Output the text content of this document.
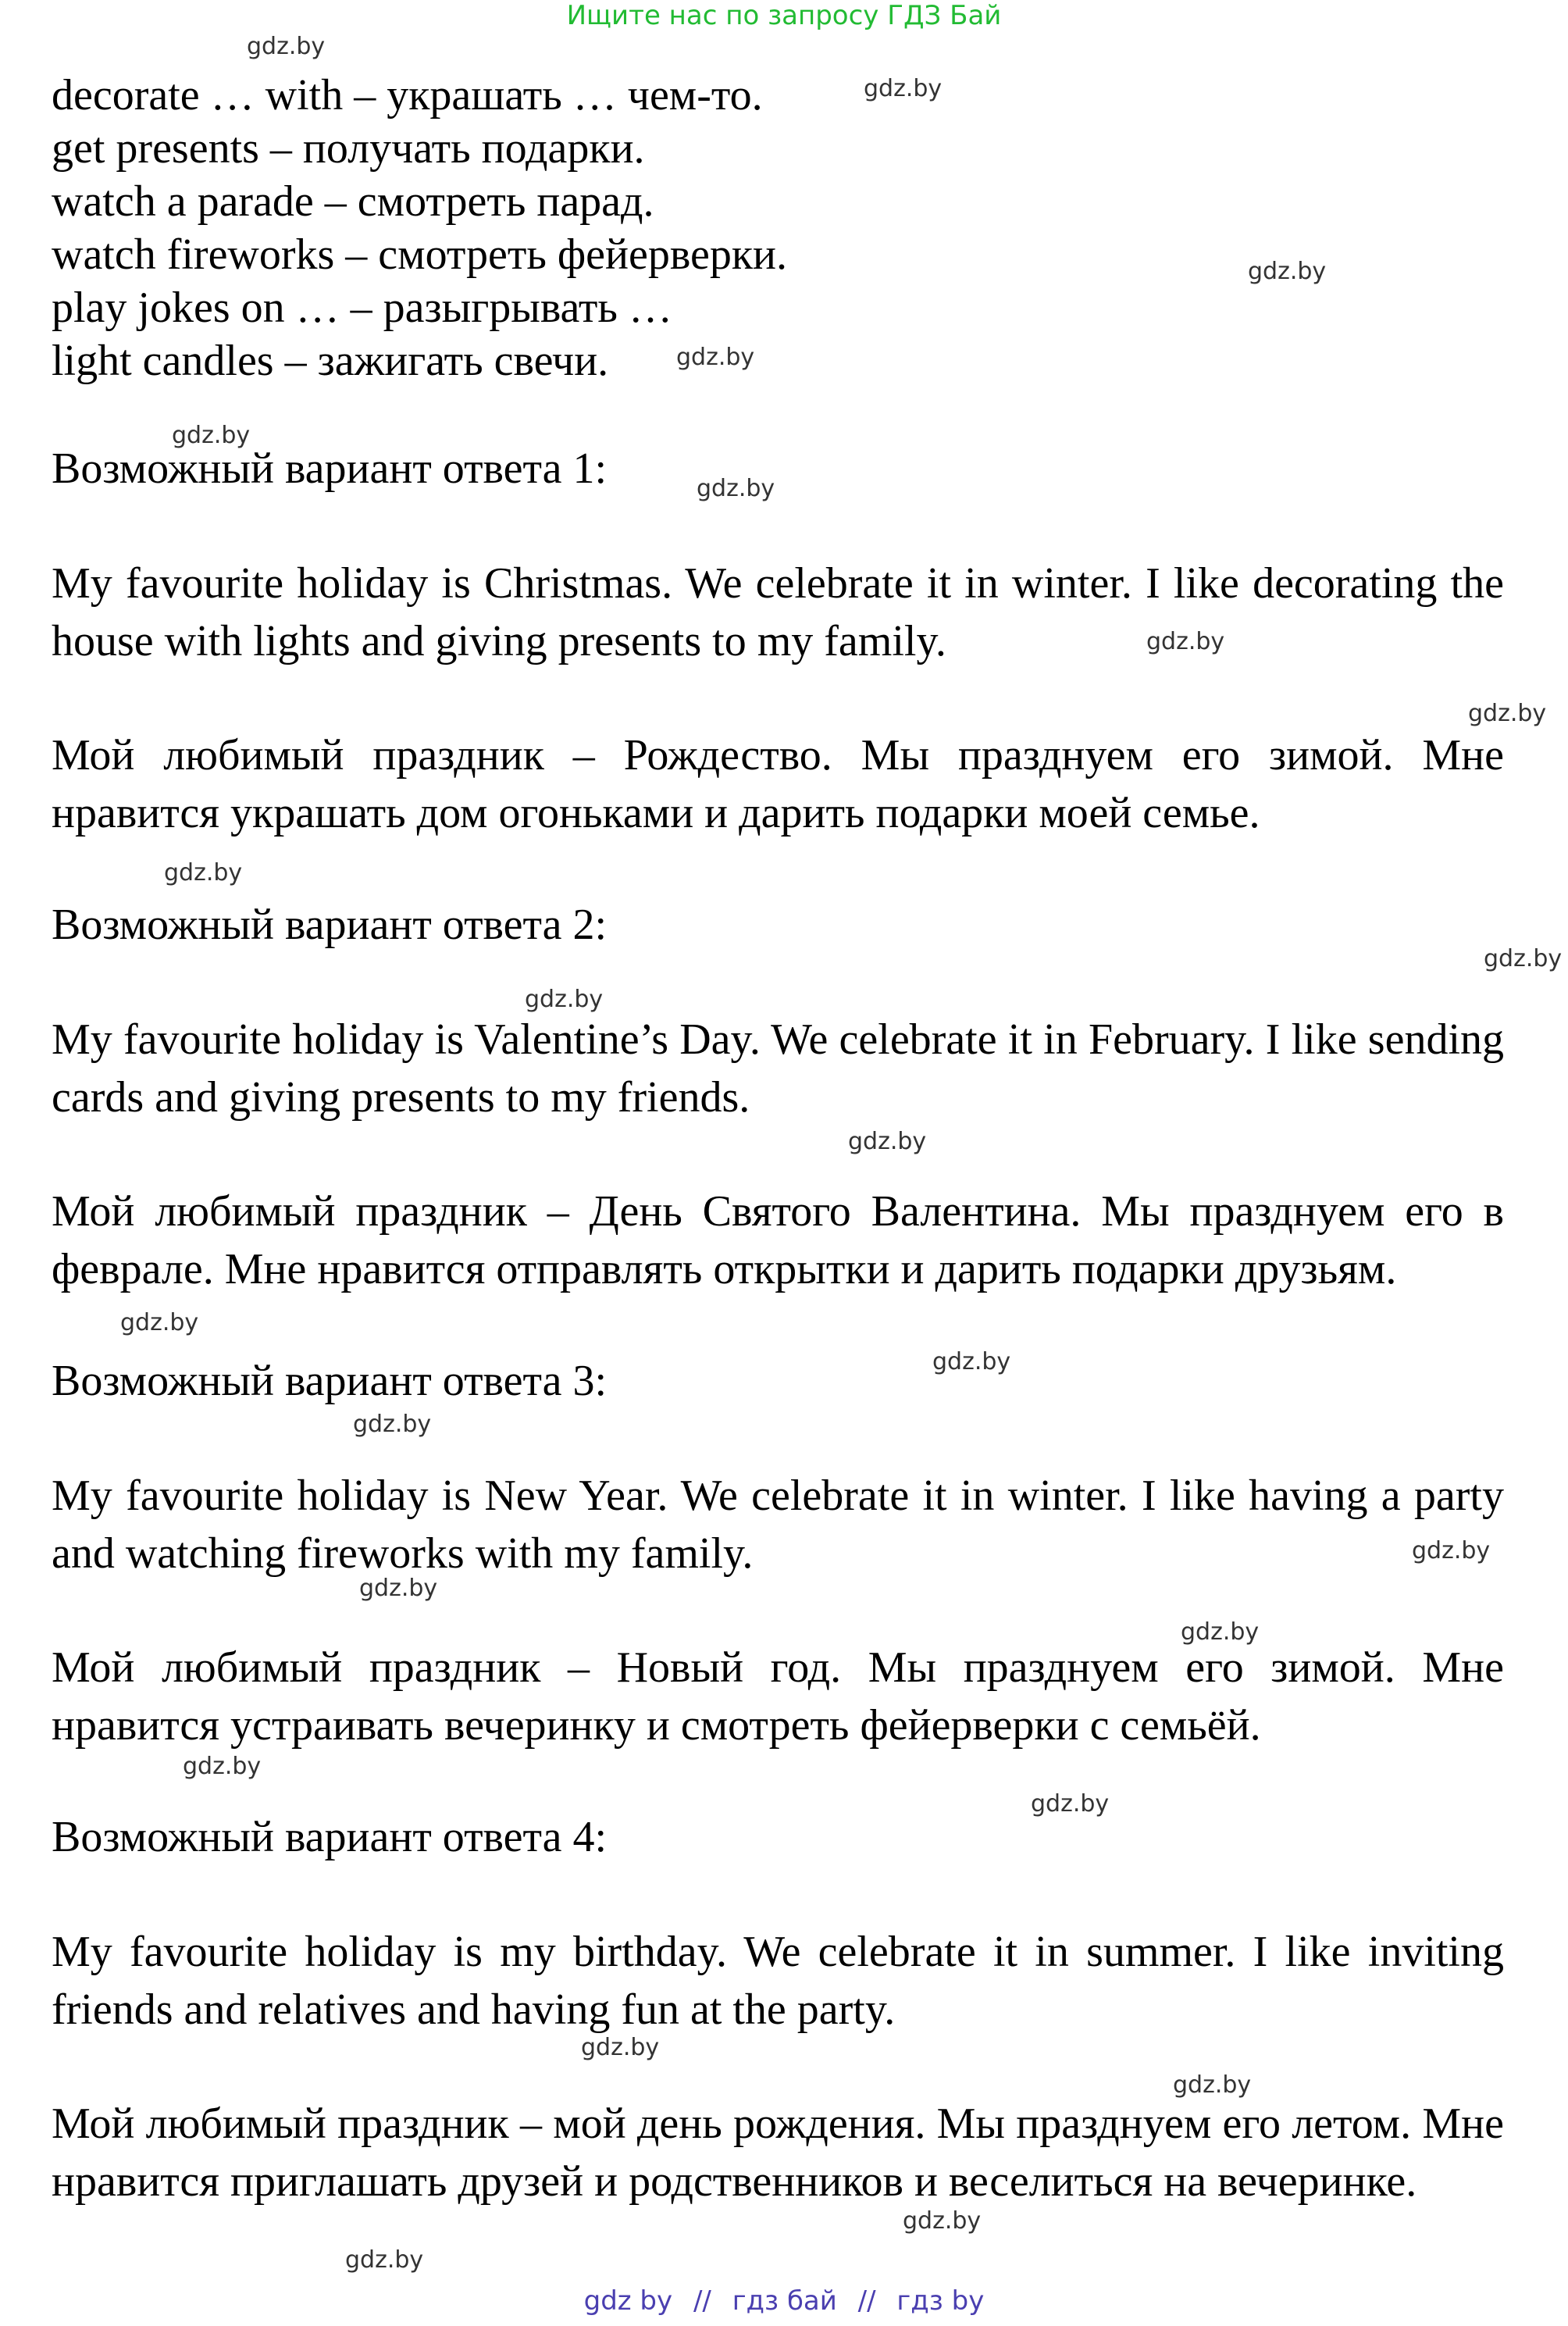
Ищите нас по запросу ГДЗ Бай
decorate … with – украшать … чем-то.
get presents – получать подарки.
watch a parade – смотреть парад.
watch fireworks – смотреть фейерверки.
play jokes on … – разыгрывать …
light candles – зажигать свечи.
Возможный вариант ответа 1:
My favourite holiday is Christmas. We celebrate it in winter. I like decorating the house with lights and giving presents to my family.
Мой любимый праздник – Рождество. Мы празднуем его зимой. Мне нравится украшать дом огоньками и дарить подарки моей семье.
Возможный вариант ответа 2:
My favourite holiday is Valentine’s Day. We celebrate it in February. I like sending cards and giving presents to my friends.
Мой любимый праздник – День Святого Валентина. Мы празднуем его в феврале. Мне нравится отправлять открытки и дарить подарки друзьям.
Возможный вариант ответа 3:
My favourite holiday is New Year. We celebrate it in winter. I like having a party and watching fireworks with my family.
Мой любимый праздник – Новый год. Мы празднуем его зимой. Мне нравится устраивать вечеринку и смотреть фейерверки с семьёй.
Возможный вариант ответа 4:
My favourite holiday is my birthday. We celebrate it in summer. I like inviting friends and relatives and having fun at the party.
Мой любимый праздник – мой день рождения. Мы празднуем его летом. Мне нравится приглашать друзей и родственников и веселиться на вечеринке.
gdz.by
gdz.by
gdz.by
gdz.by
gdz.by
gdz.by
gdz.by
gdz.by
gdz.by
gdz.by
gdz.by
gdz.by
gdz.by
gdz.by
gdz.by
gdz.by
gdz.by
gdz.by
gdz.by
gdz.by
gdz.by
gdz.by
gdz.by
gdz.by
gdz by // гдз бай // гдз by
